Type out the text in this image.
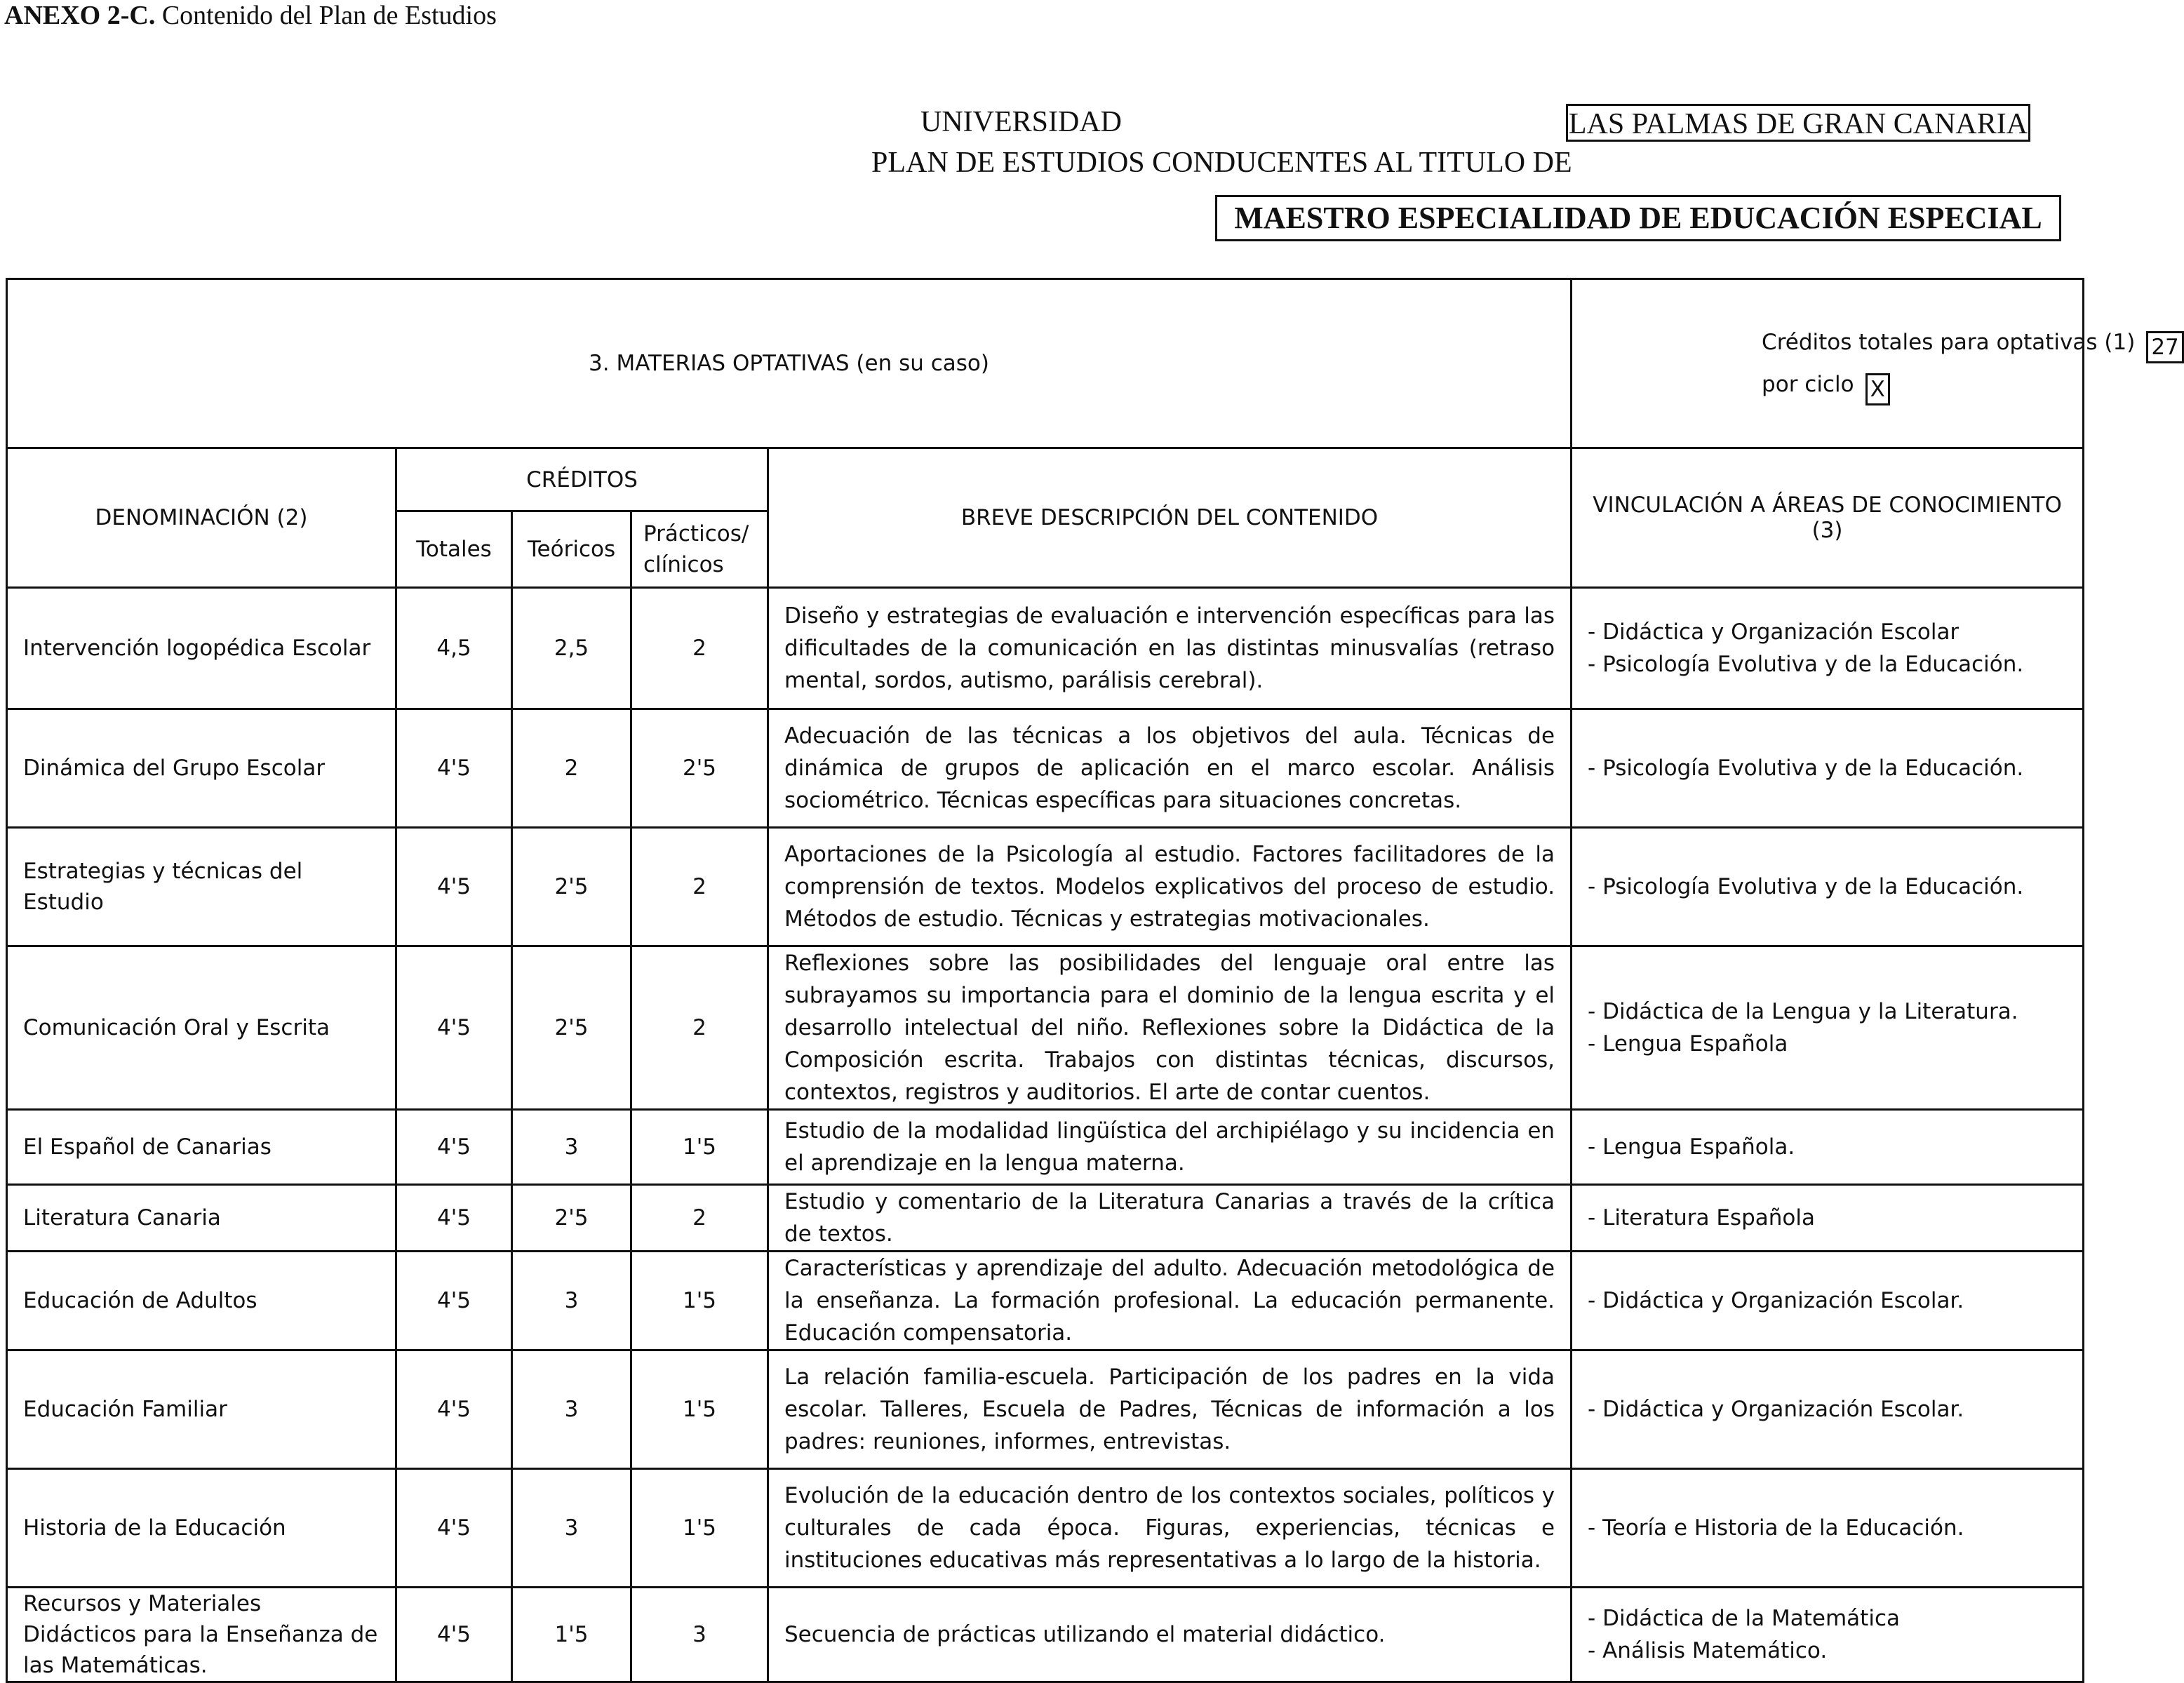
ANEXO 2-C. Contenido del Plan de Estudios
UNIVERSIDAD	LAS PALMAS DE GRAN CANARIA
PLAN DE ESTUDIOS CONDUCENTES AL TITULO DE
MAESTRO ESPECIALIDAD DE EDUCACIÓN ESPECIAL
3. MATERIAS OPTATIVAS (en su caso)					Créditos totales para optativas (1) 27
por ciclo X

DENOMINACIÓN (2)	CRÉDITOS			BREVE DESCRIPCIÓN DEL CONTENIDO	VINCULACIÓN A ÁREAS DE CONOCIMIENTO (3)
	Totales	Teóricos	Prácticos/ clínicos		
Intervención logopédica Escolar	4,5	2,5	2	Diseño y estrategias de evaluación e intervención específicas para las dificultades de la comunicación en las distintas minusvalías (retraso mental, sordos, autismo, parálisis cerebral).	- Didáctica y Organización Escolar
- Psicología Evolutiva y de la Educación.

Dinámica del Grupo Escolar	4'5	2	2'5	Adecuación de las técnicas a los objetivos del aula. Técnicas de dinámica de grupos de aplicación en el marco escolar. Análisis sociométrico. Técnicas específicas para situaciones concretas.	- Psicología Evolutiva y de la Educación.

Estrategias y técnicas del Estudio	4'5	2'5	2	Aportaciones de la Psicología al estudio. Factores facilitadores de la comprensión de textos. Modelos explicativos del proceso de estudio. Métodos de estudio. Técnicas y estrategias motivacionales.	- Psicología Evolutiva y de la Educación.

Comunicación Oral y Escrita	4'5	2'5	2	Reflexiones sobre las posibilidades del lenguaje oral entre las subrayamos su importancia para el dominio de la lengua escrita y el desarrollo intelectual del niño. Reflexiones sobre la Didáctica de la Composición escrita. Trabajos con distintas técnicas, discursos, contextos, registros y auditorios. El arte de contar cuentos.	- Didáctica de la Lengua y la Literatura.
- Lengua Española

El Español de Canarias	4'5	3	1'5	Estudio de la modalidad lingüística del archipiélago y su incidencia en el aprendizaje en la lengua materna.	- Lengua Española.

Literatura Canaria	4'5	2'5	2	Estudio y comentario de la Literatura Canarias a través de la crítica de textos.	- Literatura Española

Educación de Adultos	4'5	3	1'5	Características y aprendizaje del adulto. Adecuación metodológica de la enseñanza. La formación profesional. La educación permanente. Educación compensatoria.	- Didáctica y Organización Escolar.

Educación Familiar	4'5	3	1'5	La relación familia-escuela. Participación de los padres en la vida escolar. Talleres, Escuela de Padres, Técnicas de información a los padres: reuniones, informes, entrevistas.	- Didáctica y Organización Escolar.

Historia de la Educación	4'5	3	1'5	Evolución de la educación dentro de los contextos sociales, políticos y culturales de cada época. Figuras, experiencias, técnicas e instituciones educativas más representativas a lo largo de la historia.	- Teoría e Historia de la Educación.

Recursos y Materiales Didácticos para la Enseñanza de las Matemáticas.	4'5	1'5	3	Secuencia de prácticas utilizando el material didáctico.	- Didáctica de la Matemática
- Análisis Matemático.
